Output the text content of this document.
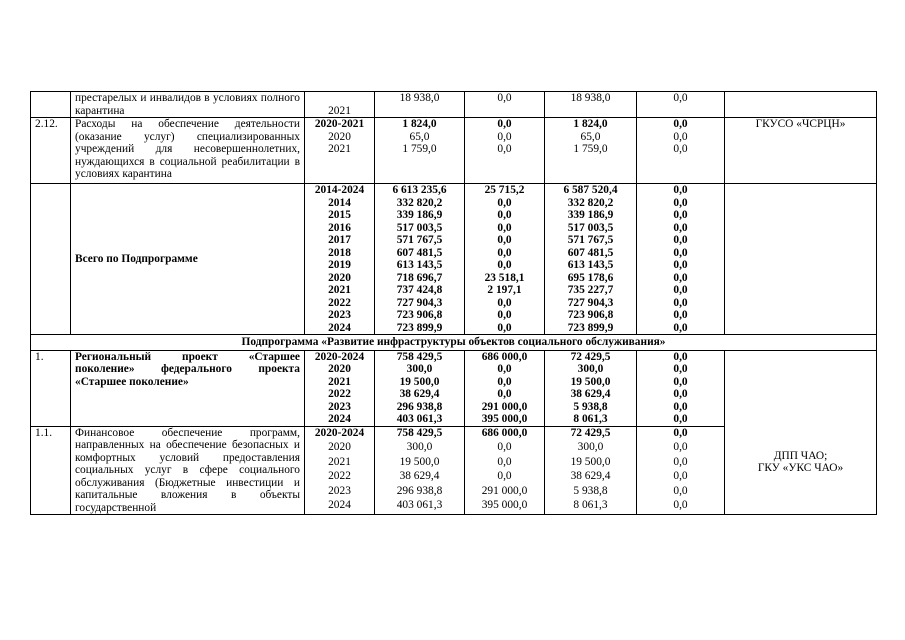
	престарелых и инвалидов в условиях полного карантина	2021	18 938,0	0,0	18 938,0	0,0	
2.12.	Расходы на обеспечение деятельности (оказание услуг) специализированных учреждений для несовершеннолетних, нуждающихся в социальной реабилитации в условиях карантина	2020-2021	1 824,0	0,0	1 824,0	0,0	ГКУСО «ЧСРЦН»
		2020	65,0	0,0	65,0	0,0	
		2021	1 759,0	0,0	1 759,0	0,0	
	Всего по Подпрограмме	2014-2024	6 613 235,6	25 715,2	6 587 520,4	0,0	
		2014	332 820,2	0,0	332 820,2	0,0	
		2015	339 186,9	0,0	339 186,9	0,0	
		2016	517 003,5	0,0	517 003,5	0,0	
		2017	571 767,5	0,0	571 767,5	0,0	
		2018	607 481,5	0,0	607 481,5	0,0	
		2019	613 143,5	0,0	613 143,5	0,0	
		2020	718 696,7	23 518,1	695 178,6	0,0	
		2021	737 424,8	2 197,1	735 227,7	0,0	
		2022	727 904,3	0,0	727 904,3	0,0	
		2023	723 906,8	0,0	723 906,8	0,0	
		2024	723 899,9	0,0	723 899,9	0,0	
Подпрограмма «Развитие инфраструктуры объектов социального обслуживания»							
1.	Региональный проект «Старшее поколение» федерального проекта «Старшее поколение»	2020-2024	758 429,5	686 000,0	72 429,5	0,0	ДПП ЧАО;
ГКУ «УКС ЧАО»

		2020	300,0	0,0	300,0	0,0	
		2021	19 500,0	0,0	19 500,0	0,0	
		2022	38 629,4	0,0	38 629,4	0,0	
		2023	296 938,8	291 000,0	5 938,8	0,0	
		2024	403 061,3	395 000,0	8 061,3	0,0	
1.1.	Финансовое обеспечение программ, направленных на обеспечение безопасных и комфортных условий предоставления социальных услуг в сфере социального обслуживания (Бюджетные инвестиции и капитальные вложения в объекты государственной	2020-2024	758 429,5	686 000,0	72 429,5	0,0	
		2020	300,0	0,0	300,0	0,0	
		2021	19 500,0	0,0	19 500,0	0,0	
		2022	38 629,4	0,0	38 629,4	0,0	
		2023	296 938,8	291 000,0	5 938,8	0,0	
		2024	403 061,3	395 000,0	8 061,3	0,0	
